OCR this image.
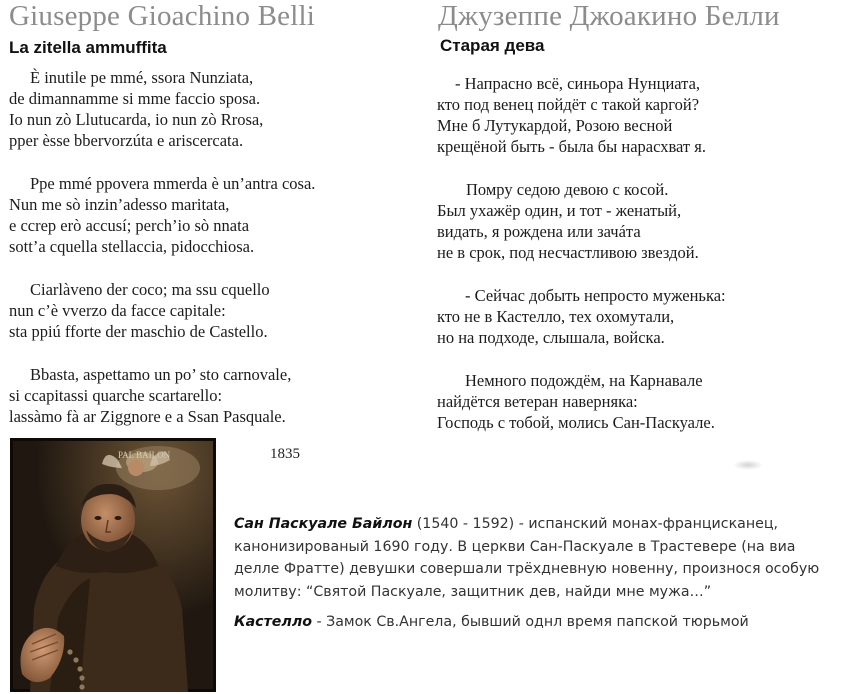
Giuseppe Gioachino Belli
La zitella ammuffita
È inutile pe mmé, ssora Nunziata,
de dimannamme si mme faccio sposa.
Io nun zò Llutucarda, io nun zò Rrosa,
pper èsse bbervorzúta e ariscercata.
Ppe mmé ppovera mmerda è un’antra cosa.
Nun me sò inzin’adesso maritata,
e ccrep erò accusí; perch’io sò nnata
sott’a cquella stellaccia, pidocchiosa.
Ciarlàveno der coco; ma ssu cquello
nun c’è vverzo da facce capitale:
sta ppiú fforte der maschio de Castello.
Bbasta, aspettamo un po’ sto carnovale,
si ccapitassi quarche scartarello:
lassàmo fà ar Ziggnore e a Ssan Pasquale.
Джузеппе Джоакино Белли
Старая дева
- Напрасно всё, синьора Нунциата,
кто под венец пойдёт с такой каргой?
Мне б Лутукардой, Розою весной
крещёной быть - была бы нарасхват я.
Помру седою девою с косой.
Был ухажёр один, и тот - женатый,
видать, я рождена или зачáта
не в срок, под несчастливою звездой.
- Сейчас добыть непросто муженька:
кто не в Кастелло, тех охомутали,
но на подходе, слышала, войска.
Немного подождём, на Карнавале
найдётся ветеран наверняка:
Господь с тобой, молись Сан-Паскуале.
1835
PAL BAILON

Сан Паскуале Байлон (1540 - 1592) - испанский монах-францисканец, канонизированый 1690 году. В церкви Сан-Паскуале в Трастевере (на виа делле Фратте) девушки совершали трёхдневную новенну, произнося особую молитву: “Святой Паскуале, защитник дев, найди мне мужа…”

Кастелло - Замок Св.Ангела, бывший однл время папской тюрьмой
